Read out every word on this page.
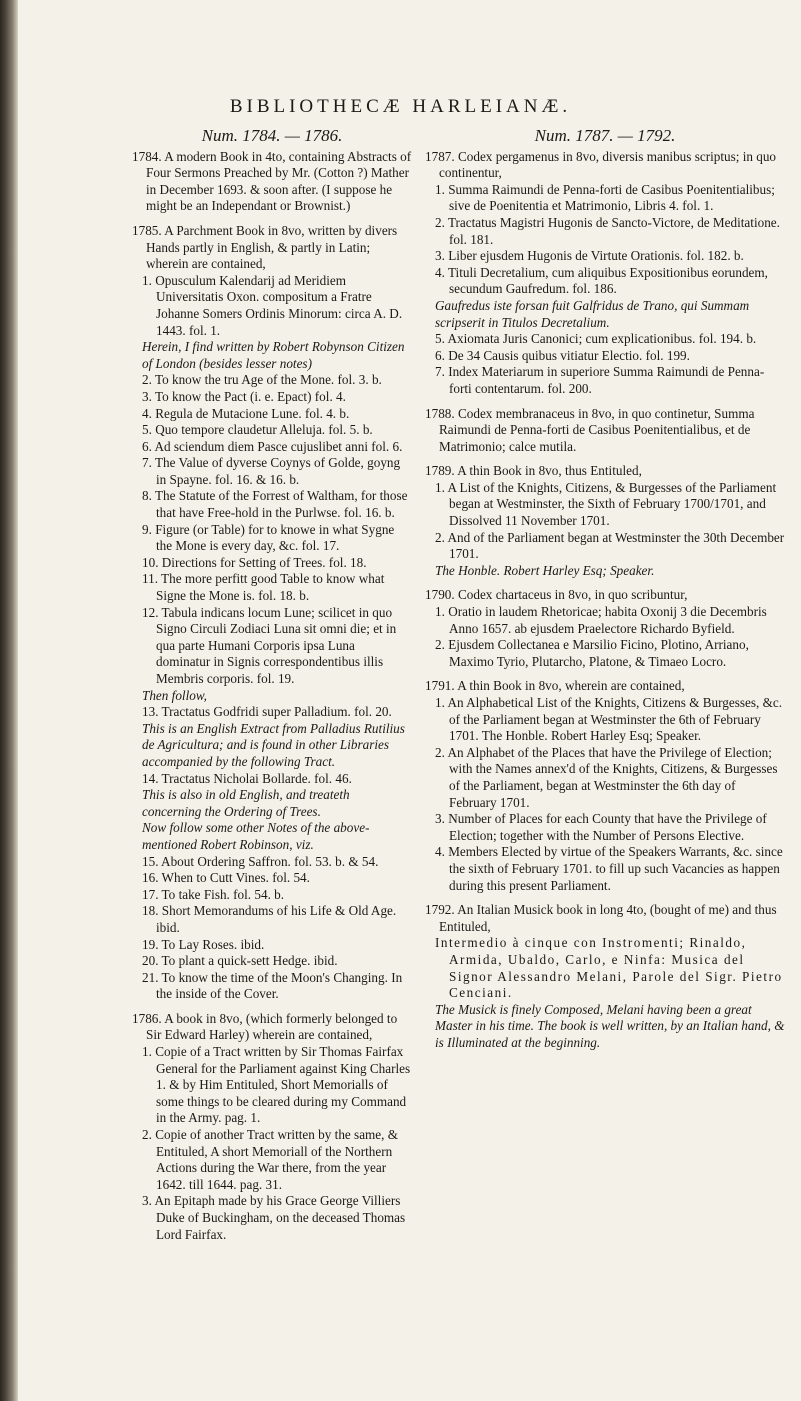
BIBLIOTHECÆ HARLEIANÆ.

Num. 1784. — 1786.

1784. A modern Book in 4to, containing Abstracts of Four Sermons Preached by Mr. (Cotton ?) Mather in December 1693. & soon after. (I suppose he might be an Independant or Brownist.)

1785. A Parchment Book in 8vo, written by divers Hands partly in English, & partly in Latin; wherein are contained,

1. Opusculum Kalendarij ad Meridiem Universitatis Oxon. compositum a Fratre Johanne Somers Ordinis Minorum: circa A. D. 1443. fol. 1.

Herein, I find written by Robert Robynson Citizen of London (besides lesser notes)

2. To know the tru Age of the Mone. fol. 3. b.

3. To know the Pact (i. e. Epact) fol. 4.

4. Regula de Mutacione Lune. fol. 4. b.

5. Quo tempore claudetur Alleluja. fol. 5. b.

6. Ad sciendum diem Pasce cujuslibet anni fol. 6.

7. The Value of dyverse Coynys of Golde, goyng in Spayne. fol. 16. & 16. b.

8. The Statute of the Forrest of Waltham, for those that have Free-hold in the Purlwse. fol. 16. b.

9. Figure (or Table) for to knowe in what Sygne the Mone is every day, &c. fol. 17.

10. Directions for Setting of Trees. fol. 18.

11. The more perfitt good Table to know what Signe the Mone is. fol. 18. b.

12. Tabula indicans locum Lune; scilicet in quo Signo Circuli Zodiaci Luna sit omni die; et in qua parte Humani Corporis ipsa Luna dominatur in Signis correspondentibus illis Membris corporis. fol. 19.

Then follow,

13. Tractatus Godfridi super Palladium. fol. 20.

This is an English Extract from Palladius Rutilius de Agricultura; and is found in other Libraries accompanied by the following Tract.

14. Tractatus Nicholai Bollarde. fol. 46.

This is also in old English, and treateth concerning the Ordering of Trees.

Now follow some other Notes of the above-mentioned Robert Robinson, viz.

15. About Ordering Saffron. fol. 53. b. & 54.

16. When to Cutt Vines. fol. 54.

17. To take Fish. fol. 54. b.

18. Short Memorandums of his Life & Old Age. ibid.

19. To Lay Roses. ibid.

20. To plant a quick-sett Hedge. ibid.

21. To know the time of the Moon's Changing. In the inside of the Cover.

1786. A book in 8vo, (which formerly belonged to Sir Edward Harley) wherein are contained,

1. Copie of a Tract written by Sir Thomas Fairfax General for the Parliament against King Charles 1. & by Him Entituled, Short Memorialls of some things to be cleared during my Command in the Army. pag. 1.

2. Copie of another Tract written by the same, & Entituled, A short Memoriall of the Northern Actions during the War there, from the year 1642. till 1644. pag. 31.

3. An Epitaph made by his Grace George Villiers Duke of Buckingham, on the deceased Thomas Lord Fairfax.

Num. 1787. — 1792.

1787. Codex pergamenus in 8vo, diversis manibus scriptus; in quo continentur,

1. Summa Raimundi de Penna-forti de Casibus Poenitentialibus; sive de Poenitentia et Matrimonio, Libris 4. fol. 1.

2. Tractatus Magistri Hugonis de Sancto-Victore, de Meditatione. fol. 181.

3. Liber ejusdem Hugonis de Virtute Orationis. fol. 182. b.

4. Tituli Decretalium, cum aliquibus Expositionibus eorundem, secundum Gaufredum. fol. 186.

Gaufredus iste forsan fuit Galfridus de Trano, qui Summam scripserit in Titulos Decretalium.

5. Axiomata Juris Canonici; cum explicationibus. fol. 194. b.

6. De 34 Causis quibus vitiatur Electio. fol. 199.

7. Index Materiarum in superiore Summa Raimundi de Penna-forti contentarum. fol. 200.

1788. Codex membranaceus in 8vo, in quo continetur, Summa Raimundi de Penna-forti de Casibus Poenitentialibus, et de Matrimonio; calce mutila.

1789. A thin Book in 8vo, thus Entituled,

1. A List of the Knights, Citizens, & Burgesses of the Parliament began at Westminster, the Sixth of February 1700/1701, and Dissolved 11 November 1701.

2. And of the Parliament began at Westminster the 30th December 1701.

The Honble. Robert Harley Esq; Speaker.

1790. Codex chartaceus in 8vo, in quo scribuntur,

1. Oratio in laudem Rhetoricae; habita Oxonij 3 die Decembris Anno 1657. ab ejusdem Praelectore Richardo Byfield.

2. Ejusdem Collectanea e Marsilio Ficino, Plotino, Arriano, Maximo Tyrio, Plutarcho, Platone, & Timaeo Locro.

1791. A thin Book in 8vo, wherein are contained,

1. An Alphabetical List of the Knights, Citizens & Burgesses, &c. of the Parliament began at Westminster the 6th of February 1701. The Honble. Robert Harley Esq; Speaker.

2. An Alphabet of the Places that have the Privilege of Election; with the Names annex'd of the Knights, Citizens, & Burgesses of the Parliament, began at Westminster the 6th day of February 1701.

3. Number of Places for each County that have the Privilege of Election; together with the Number of Persons Elective.

4. Members Elected by virtue of the Speakers Warrants, &c. since the sixth of February 1701. to fill up such Vacancies as happen during this present Parliament.

1792. An Italian Musick book in long 4to, (bought of me) and thus Entituled,

Intermedio à cinque con Instromenti; Rinaldo, Armida, Ubaldo, Carlo, e Ninfa: Musica del Signor Alessandro Melani, Parole del Sigr. Pietro Cenciani.

The Musick is finely Composed, Melani having been a great Master in his time. The book is well written, by an Italian hand, & is Illuminated at the beginning.
